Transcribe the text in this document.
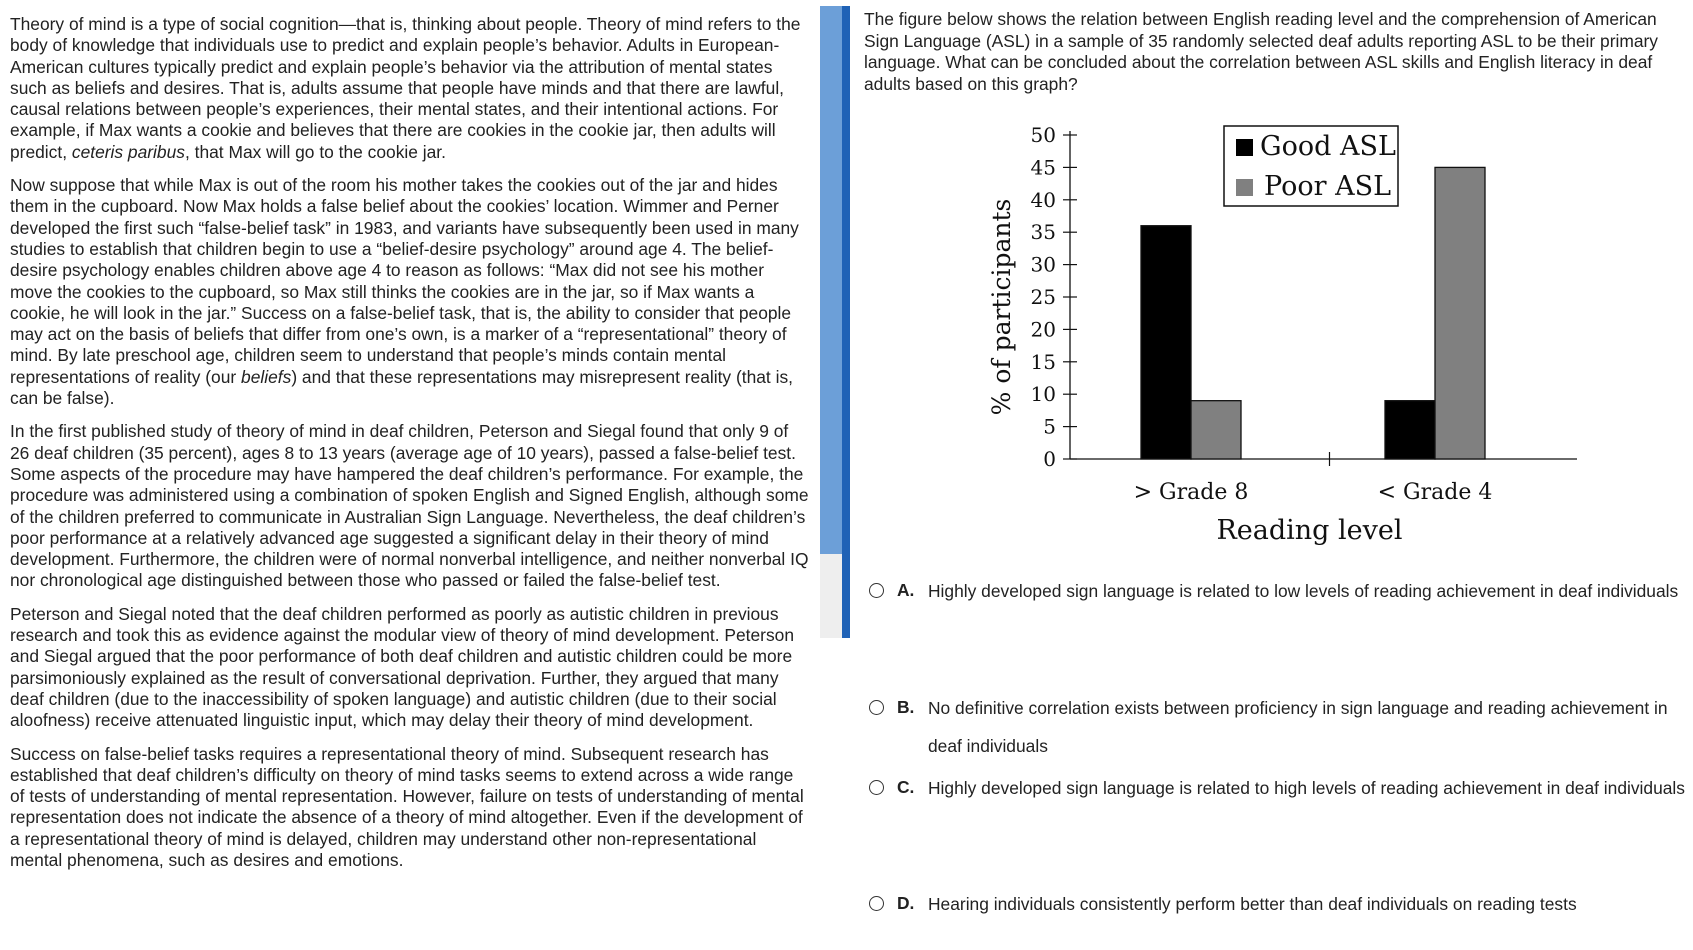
Theory of mind is a type of social cognition—that is, thinking about people. Theory of mind refers to the body of knowledge that individuals use to predict and explain people’s behavior. Adults in European-American cultures typically predict and explain people’s behavior via the attribution of mental states such as beliefs and desires. That is, adults assume that people have minds and that there are lawful, causal relations between people’s experiences, their mental states, and their intentional actions. For example, if Max wants a cookie and believes that there are cookies in the cookie jar, then adults will predict, ceteris paribus, that Max will go to the cookie jar.

Now suppose that while Max is out of the room his mother takes the cookies out of the jar and hides them in the cupboard. Now Max holds a false belief about the cookies’ location. Wimmer and Perner developed the first such “false-belief task” in 1983, and variants have subsequently been used in many studies to establish that children begin to use a “belief-desire psychology” around age 4. The belief-desire psychology enables children above age 4 to reason as follows: “Max did not see his mother move the cookies to the cupboard, so Max still thinks the cookies are in the jar, so if Max wants a cookie, he will look in the jar.” Success on a false-belief task, that is, the ability to consider that people may act on the basis of beliefs that differ from one’s own, is a marker of a “representational” theory of mind. By late preschool age, children seem to understand that people’s minds contain mental representations of reality (our beliefs) and that these representations may misrepresent reality (that is, can be false).

In the first published study of theory of mind in deaf children, Peterson and Siegal found that only 9 of 26 deaf children (35 percent), ages 8 to 13 years (average age of 10 years), passed a false-belief test. Some aspects of the procedure may have hampered the deaf children’s performance. For example, the procedure was administered using a combination of spoken English and Signed English, although some of the children preferred to communicate in Australian Sign Language. Nevertheless, the deaf children’s poor performance at a relatively advanced age suggested a significant delay in their theory of mind development. Furthermore, the children were of normal nonverbal intelligence, and neither nonverbal IQ nor chronological age distinguished between those who passed or failed the false-belief test.

Peterson and Siegal noted that the deaf children performed as poorly as autistic children in previous research and took this as evidence against the modular view of theory of mind development. Peterson and Siegal argued that the poor performance of both deaf children and autistic children could be more parsimoniously explained as the result of conversational deprivation. Further, they argued that many deaf children (due to the inaccessibility of spoken language) and autistic children (due to their social aloofness) receive attenuated linguistic input, which may delay their theory of mind development.

Success on false-belief tasks requires a representational theory of mind. Subsequent research has established that deaf children’s difficulty on theory of mind tasks seems to extend across a wide range of tests of understanding of mental representation. However, failure on tests of understanding of mental representation does not indicate the absence of a theory of mind altogether. Even if the development of a representational theory of mind is delayed, children may understand other non-representational mental phenomena, such as desires and emotions.

The figure below shows the relation between English reading level and the comprehension of American Sign Language (ASL) in a sample of 35 randomly selected deaf adults reporting ASL to be their primary language. What can be concluded about the correlation between ASL skills and English literacy in deaf adults based on this graph?
0
5
10
15
20
25
30
35
40
45
50
> Grade 8	< Grade 4
Reading level
% of participants
Good ASL
Poor ASL
A. Highly developed sign language is related to low levels of reading achievement in deaf individuals
B. No definitive correlation exists between proficiency in sign language and reading achievement in deaf individuals
C. Highly developed sign language is related to high levels of reading achievement in deaf individuals
D. Hearing individuals consistently perform better than deaf individuals on reading tests
